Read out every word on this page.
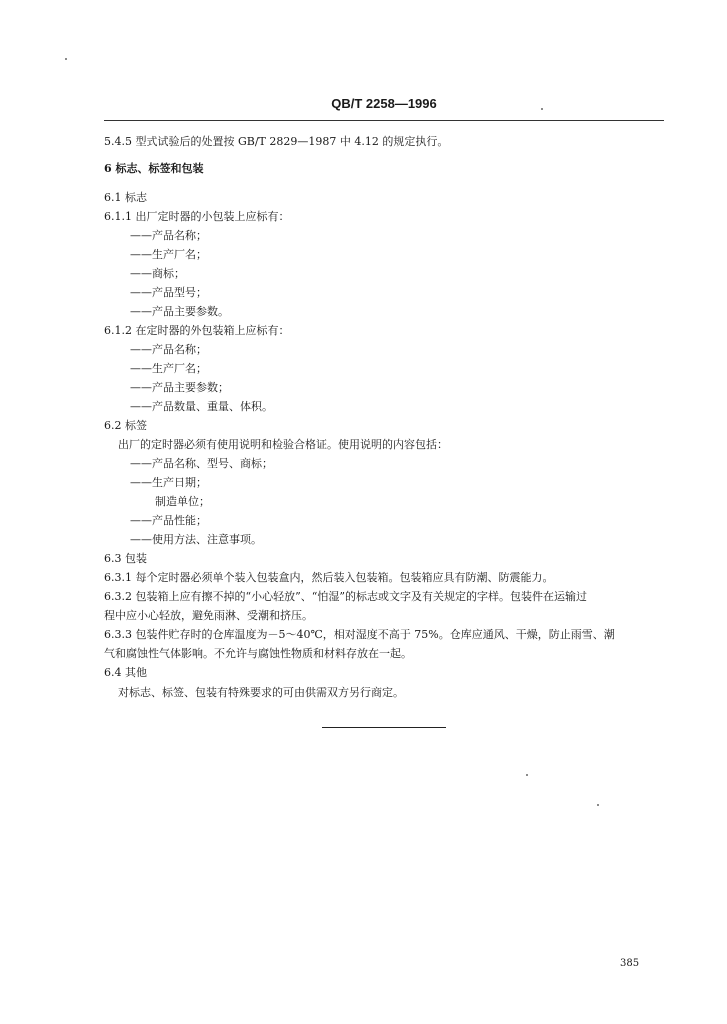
QB/T 2258—1996
5.4.5 型式试验后的处置按 GB/T 2829—1987 中 4.12 的规定执行。
6 标志、标签和包装
6.1 标志
6.1.1 出厂定时器的小包装上应标有：
——产品名称；
——生产厂名；
——商标；
——产品型号；
——产品主要参数。
6.1.2 在定时器的外包装箱上应标有：
——产品名称；
——生产厂名；
——产品主要参数；
——产品数量、重量、体积。
6.2 标签
出厂的定时器必须有使用说明和检验合格证。使用说明的内容包括：
——产品名称、型号、商标；
——生产日期；
制造单位；
——产品性能；
——使用方法、注意事项。
6.3 包装
6.3.1 每个定时器必须单个装入包装盒内，然后装入包装箱。包装箱应具有防潮、防震能力。
6.3.2 包装箱上应有擦不掉的“小心轻放”、“怕湿”的标志或文字及有关规定的字样。包装件在运输过
程中应小心轻放，避免雨淋、受潮和挤压。
6.3.3 包装件贮存时的仓库温度为－5～40℃，相对湿度不高于 75%。仓库应通风、干燥，防止雨雪、潮
气和腐蚀性气体影响。不允许与腐蚀性物质和材料存放在一起。
6.4 其他
对标志、标签、包装有特殊要求的可由供需双方另行商定。
385
